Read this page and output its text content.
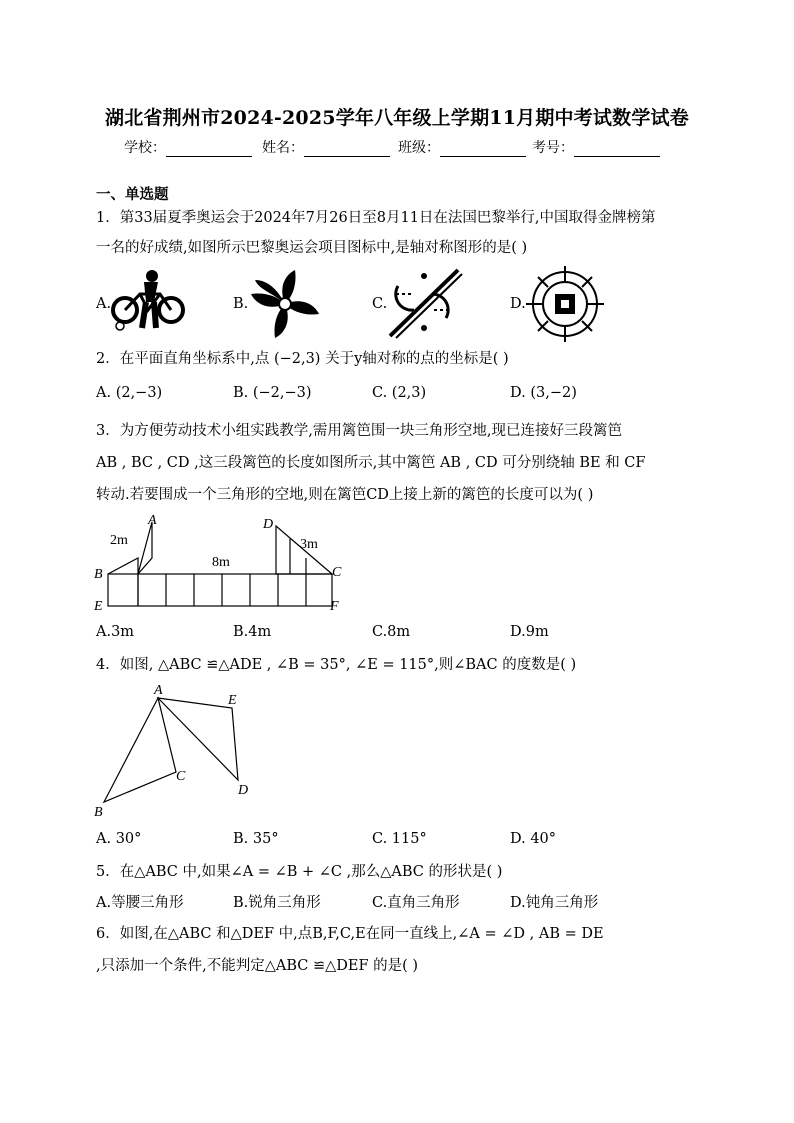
湖北省荆州市2024-2025学年八年级上学期11月期中考试数学试卷
学校：	姓名：	班级：	考号：
一、单选题
1．第33届夏季奥运会于2024年7月26日至8月11日在法国巴黎举行,中国取得金牌榜第
一名的好成绩,如图所示巴黎奥运会项目图标中,是轴对称图形的是( )
A.	B.	C.	D.
2．在平面直角坐标系中,点 (−2,3) 关于y轴对称的点的坐标是( )
A. (2,−3)	B. (−2,−3)	C. (2,3)	D. (3,−2)
3．为方便劳动技术小组实践教学,需用篱笆围一块三角形空地,现已连接好三段篱笆
AB , BC , CD ,这三段篱笆的长度如图所示,其中篱笆 AB , CD 可分别绕轴 BE 和 CF
转动.若要围成一个三角形的空地,则在篱笆CD上接上新的篱笆的长度可以为( )
A
B	C
D
E	F
2m
8m
3m
A.3m	B.4m	C.8m	D.9m
4．如图, △ABC ≌△ADE , ∠B = 35°, ∠E = 115°,则∠BAC 的度数是( )
A
B
C
D
E
A. 30°	B. 35°	C. 115°	D. 40°
5．在△ABC 中,如果∠A = ∠B + ∠C ,那么△ABC 的形状是( )
A.等腰三角形	B.锐角三角形	C.直角三角形	D.钝角三角形
6．如图,在△ABC 和△DEF 中,点B,F,C,E在同一直线上,∠A = ∠D , AB = DE
,只添加一个条件,不能判定△ABC ≌△DEF 的是( )
